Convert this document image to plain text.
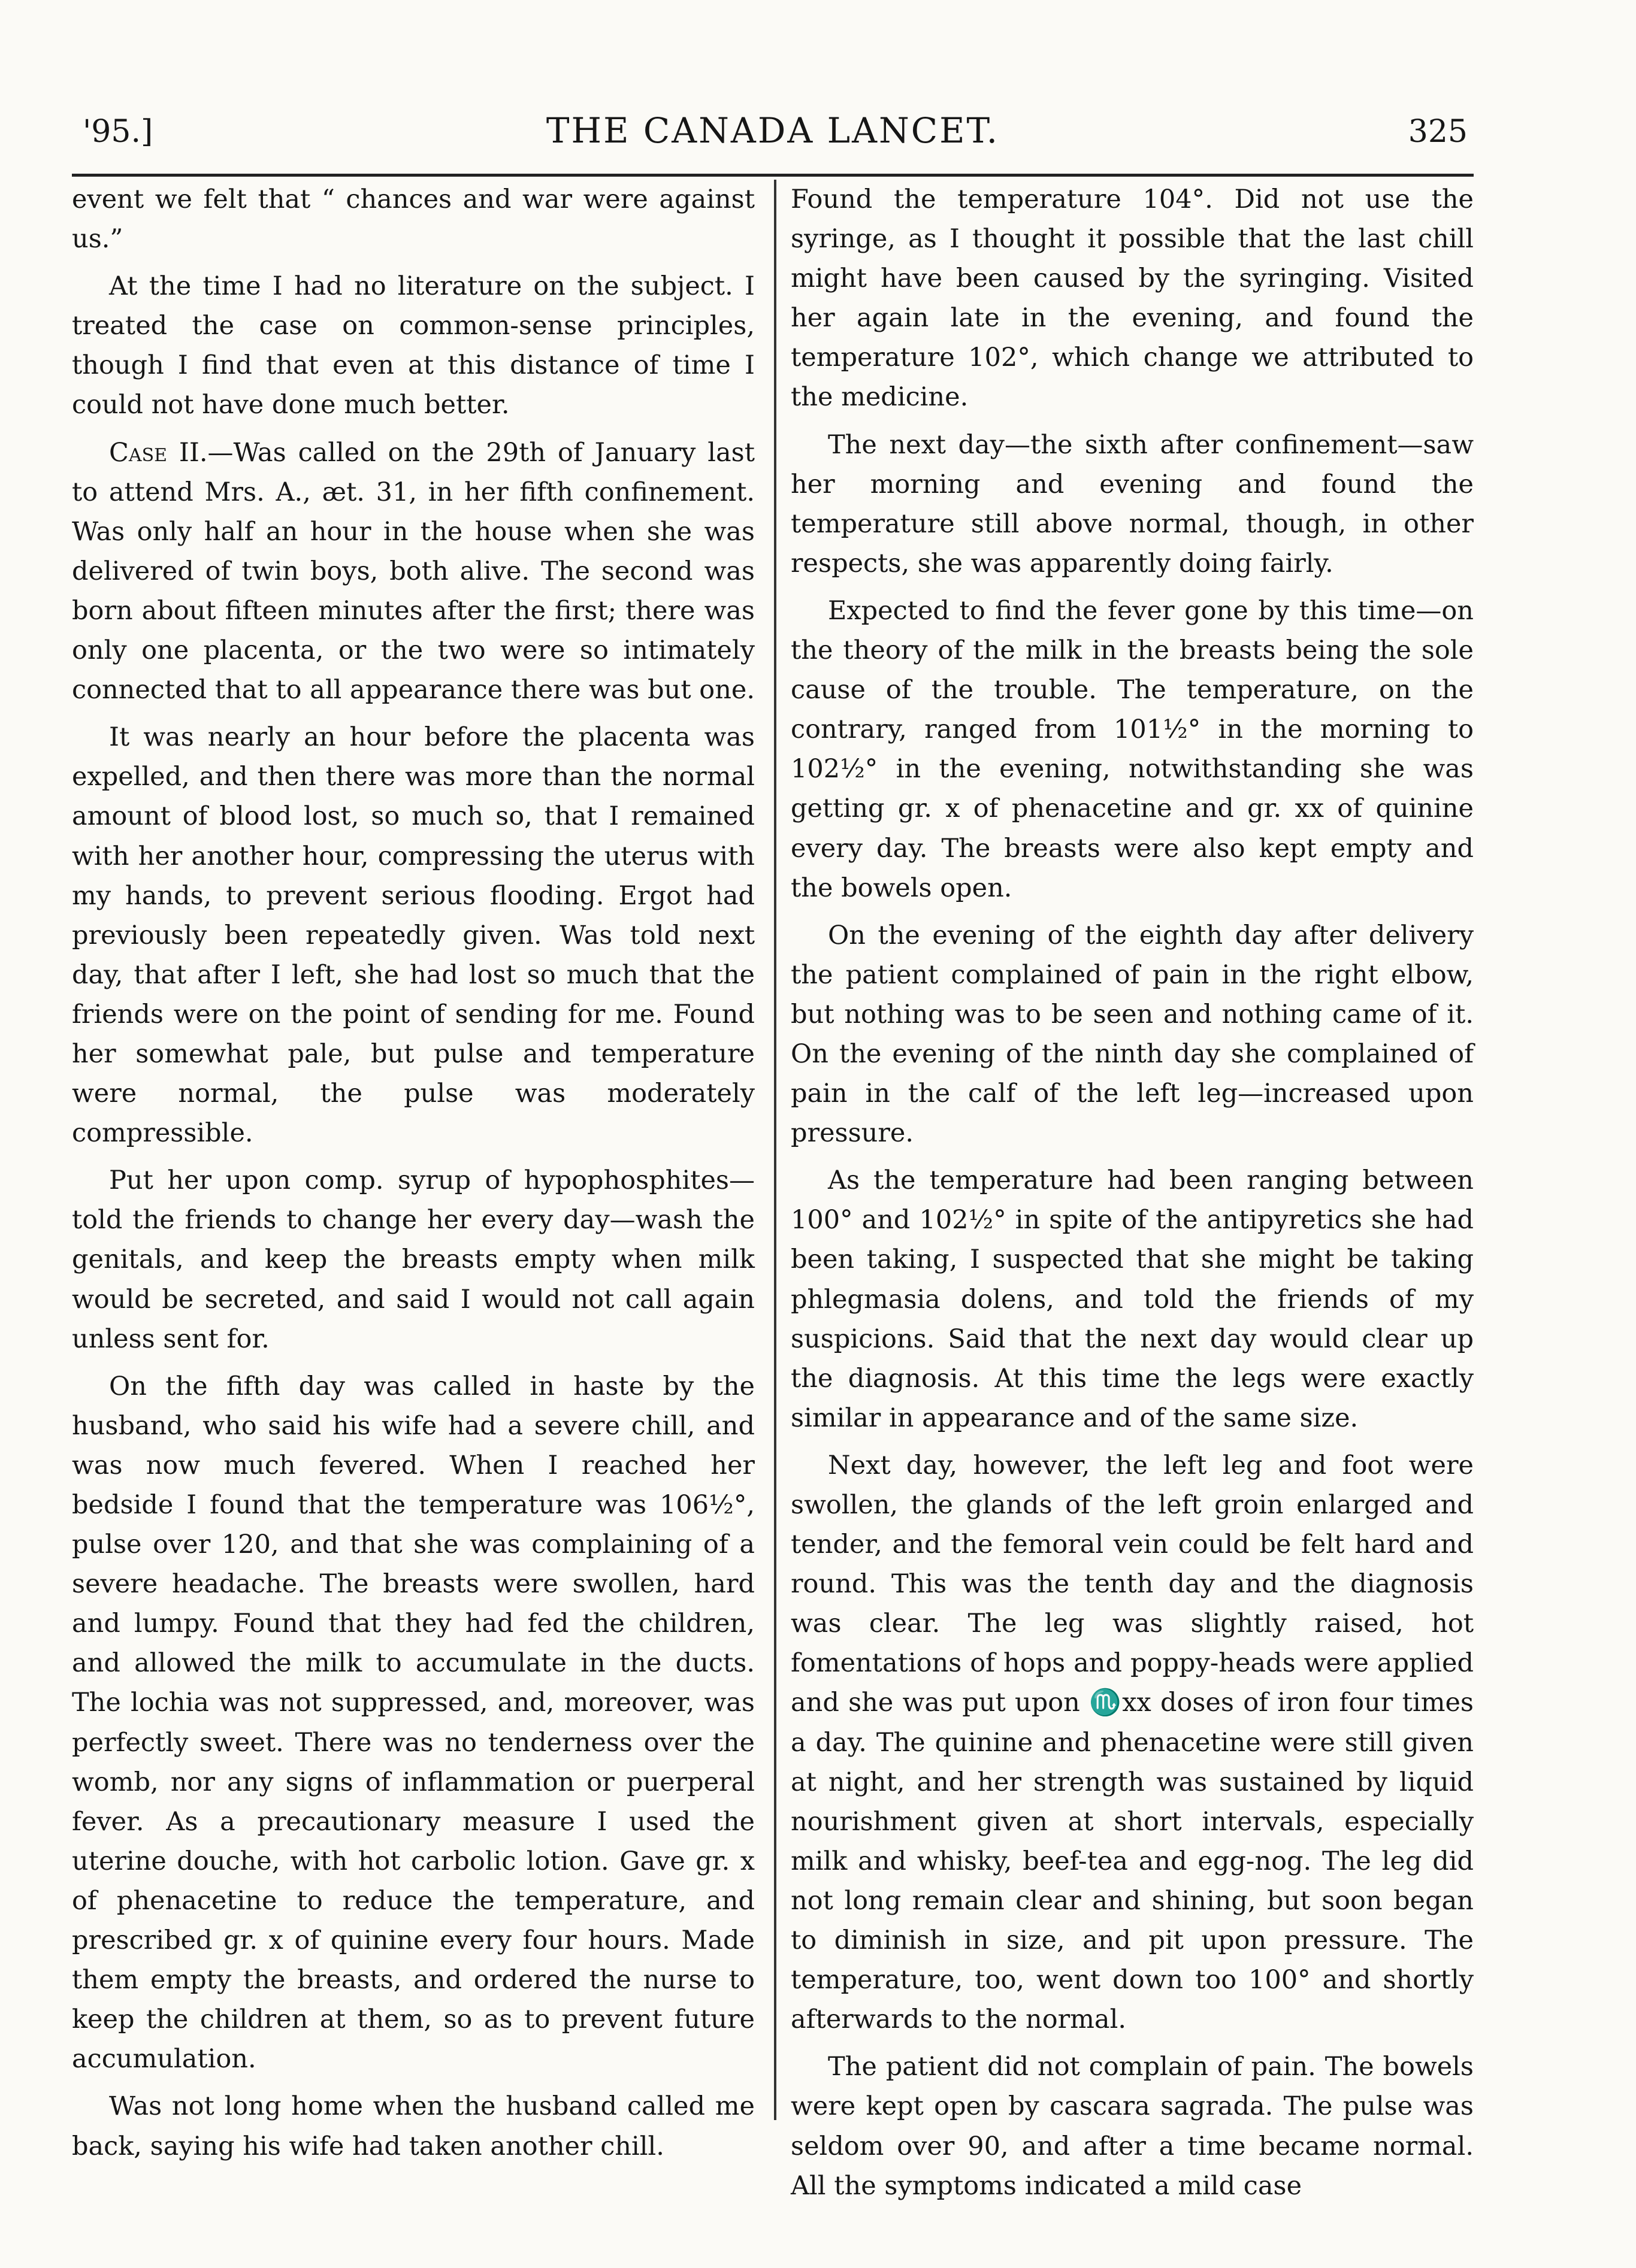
'95.]	THE CANADA LANCET.	325

event we felt that “ chances and war were against us.”

At the time I had no literature on the subject. I treated the case on common-sense principles, though I find that even at this distance of time I could not have done much better.

Case II.—Was called on the 29th of January last to attend Mrs. A., æt. 31, in her fifth confinement. Was only half an hour in the house when she was delivered of twin boys, both alive. The second was born about fifteen minutes after the first; there was only one placenta, or the two were so intimately connected that to all appearance there was but one.

It was nearly an hour before the placenta was expelled, and then there was more than the normal amount of blood lost, so much so, that I remained with her another hour, compressing the uterus with my hands, to prevent serious flooding. Ergot had previously been repeatedly given. Was told next day, that after I left, she had lost so much that the friends were on the point of sending for me. Found her somewhat pale, but pulse and temperature were normal, the pulse was moderately compressible.

Put her upon comp. syrup of hypophosphites—told the friends to change her every day—wash the genitals, and keep the breasts empty when milk would be secreted, and said I would not call again unless sent for.

On the fifth day was called in haste by the husband, who said his wife had a severe chill, and was now much fevered. When I reached her bedside I found that the temperature was 106½°, pulse over 120, and that she was complaining of a severe headache. The breasts were swollen, hard and lumpy. Found that they had fed the children, and allowed the milk to accumulate in the ducts. The lochia was not suppressed, and, moreover, was perfectly sweet. There was no tenderness over the womb, nor any signs of inflammation or puerperal fever. As a precautionary measure I used the uterine douche, with hot carbolic lotion. Gave gr. x of phenacetine to reduce the temperature, and prescribed gr. x of quinine every four hours. Made them empty the breasts, and ordered the nurse to keep the children at them, so as to prevent future accumulation.

Was not long home when the husband called me back, saying his wife had taken another chill.

Found the temperature 104°. Did not use the syringe, as I thought it possible that the last chill might have been caused by the syringing. Visited her again late in the evening, and found the temperature 102°, which change we attributed to the medicine.

The next day—the sixth after confinement—saw her morning and evening and found the temperature still above normal, though, in other respects, she was apparently doing fairly.

Expected to find the fever gone by this time—on the theory of the milk in the breasts being the sole cause of the trouble. The temperature, on the contrary, ranged from 101½° in the morning to 102½° in the evening, notwithstanding she was getting gr. x of phenacetine and gr. xx of quinine every day. The breasts were also kept empty and the bowels open.

On the evening of the eighth day after delivery the patient complained of pain in the right elbow, but nothing was to be seen and nothing came of it. On the evening of the ninth day she complained of pain in the calf of the left leg—increased upon pressure.

As the temperature had been ranging between 100° and 102½° in spite of the antipyretics she had been taking, I suspected that she might be taking phlegmasia dolens, and told the friends of my suspicions. Said that the next day would clear up the diagnosis. At this time the legs were exactly similar in appearance and of the same size.

Next day, however, the left leg and foot were swollen, the glands of the left groin enlarged and tender, and the femoral vein could be felt hard and round. This was the tenth day and the diagnosis was clear. The leg was slightly raised, hot fomentations of hops and poppy-heads were applied and she was put upon ♏xx doses of iron four times a day. The quinine and phenacetine were still given at night, and her strength was sustained by liquid nourishment given at short intervals, especially milk and whisky, beef-tea and egg-nog. The leg did not long remain clear and shining, but soon began to diminish in size, and pit upon pressure. The temperature, too, went down too 100° and shortly afterwards to the normal.

The patient did not complain of pain. The bowels were kept open by cascara sagrada. The pulse was seldom over 90, and after a time became normal. All the symptoms indicated a mild case
